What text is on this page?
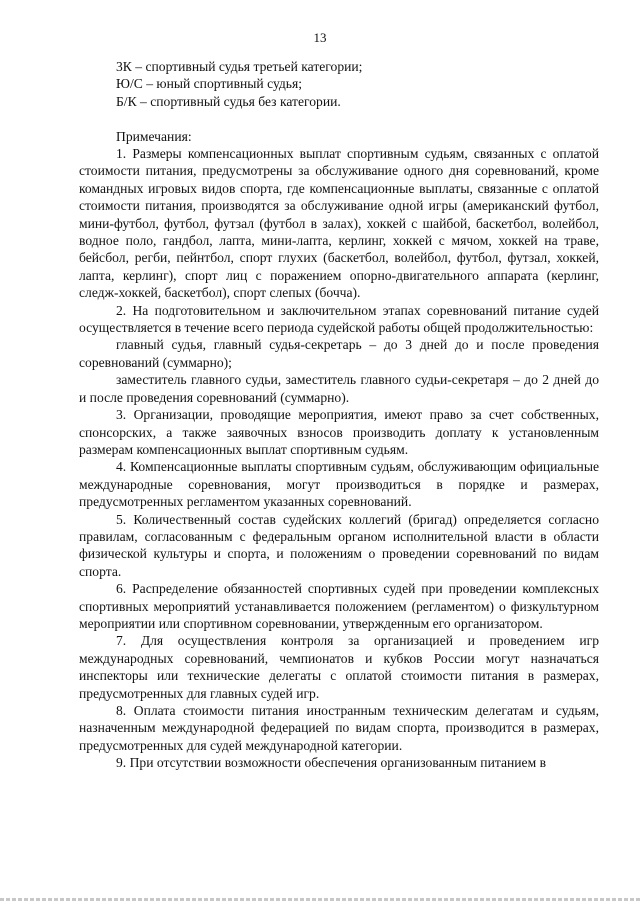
13

3К – спортивный судья третьей категории;

Ю/С – юный спортивный судья;

Б/К – спортивный судья без категории.

Примечания:

1. Размеры компенсационных выплат спортивным судьям, связанных с оплатой стоимости питания, предусмотрены за обслуживание одного дня соревнований, кроме командных игровых видов спорта, где компенсационные выплаты, связанные с оплатой стоимости питания, производятся за обслуживание одной игры (американский футбол, мини-футбол, футбол, футзал (футбол в залах), хоккей с шайбой, баскетбол, волейбол, водное поло, гандбол, лапта, мини-лапта, керлинг, хоккей с мячом, хоккей на траве, бейсбол, регби, пейнтбол, спорт глухих (баскетбол, волейбол, футбол, футзал, хоккей, лапта, керлинг), спорт лиц с поражением опорно-двигательного аппарата (керлинг, следж-хоккей, баскетбол), спорт слепых (бочча).

2. На подготовительном и заключительном этапах соревнований питание судей осуществляется в течение всего периода судейской работы общей продолжительностью:

главный судья, главный судья-секретарь – до 3 дней до и после проведения соревнований (суммарно);

заместитель главного судьи, заместитель главного судьи-секретаря – до 2 дней до и после проведения соревнований (суммарно).

3. Организации, проводящие мероприятия, имеют право за счет собственных, спонсорских, а также заявочных взносов производить доплату к установленным размерам компенсационных выплат спортивным судьям.

4. Компенсационные выплаты спортивным судьям, обслуживающим официальные международные соревнования, могут производиться в порядке и размерах, предусмотренных регламентом указанных соревнований.

5. Количественный состав судейских коллегий (бригад) определяется согласно правилам, согласованным с федеральным органом исполнительной власти в области физической культуры и спорта, и положениям о проведении соревнований по видам спорта.

6. Распределение обязанностей спортивных судей при проведении комплексных спортивных мероприятий устанавливается положением (регламентом) о физкультурном мероприятии или спортивном соревновании, утвержденным его организатором.

7. Для осуществления контроля за организацией и проведением игр международных соревнований, чемпионатов и кубков России могут назначаться инспекторы или технические делегаты с оплатой стоимости питания в размерах, предусмотренных для главных судей игр.

8. Оплата стоимости питания иностранным техническим делегатам и судьям, назначенным международной федерацией по видам спорта, производится в размерах, предусмотренных для судей международной категории.

9. При отсутствии возможности обеспечения организованным питанием в
